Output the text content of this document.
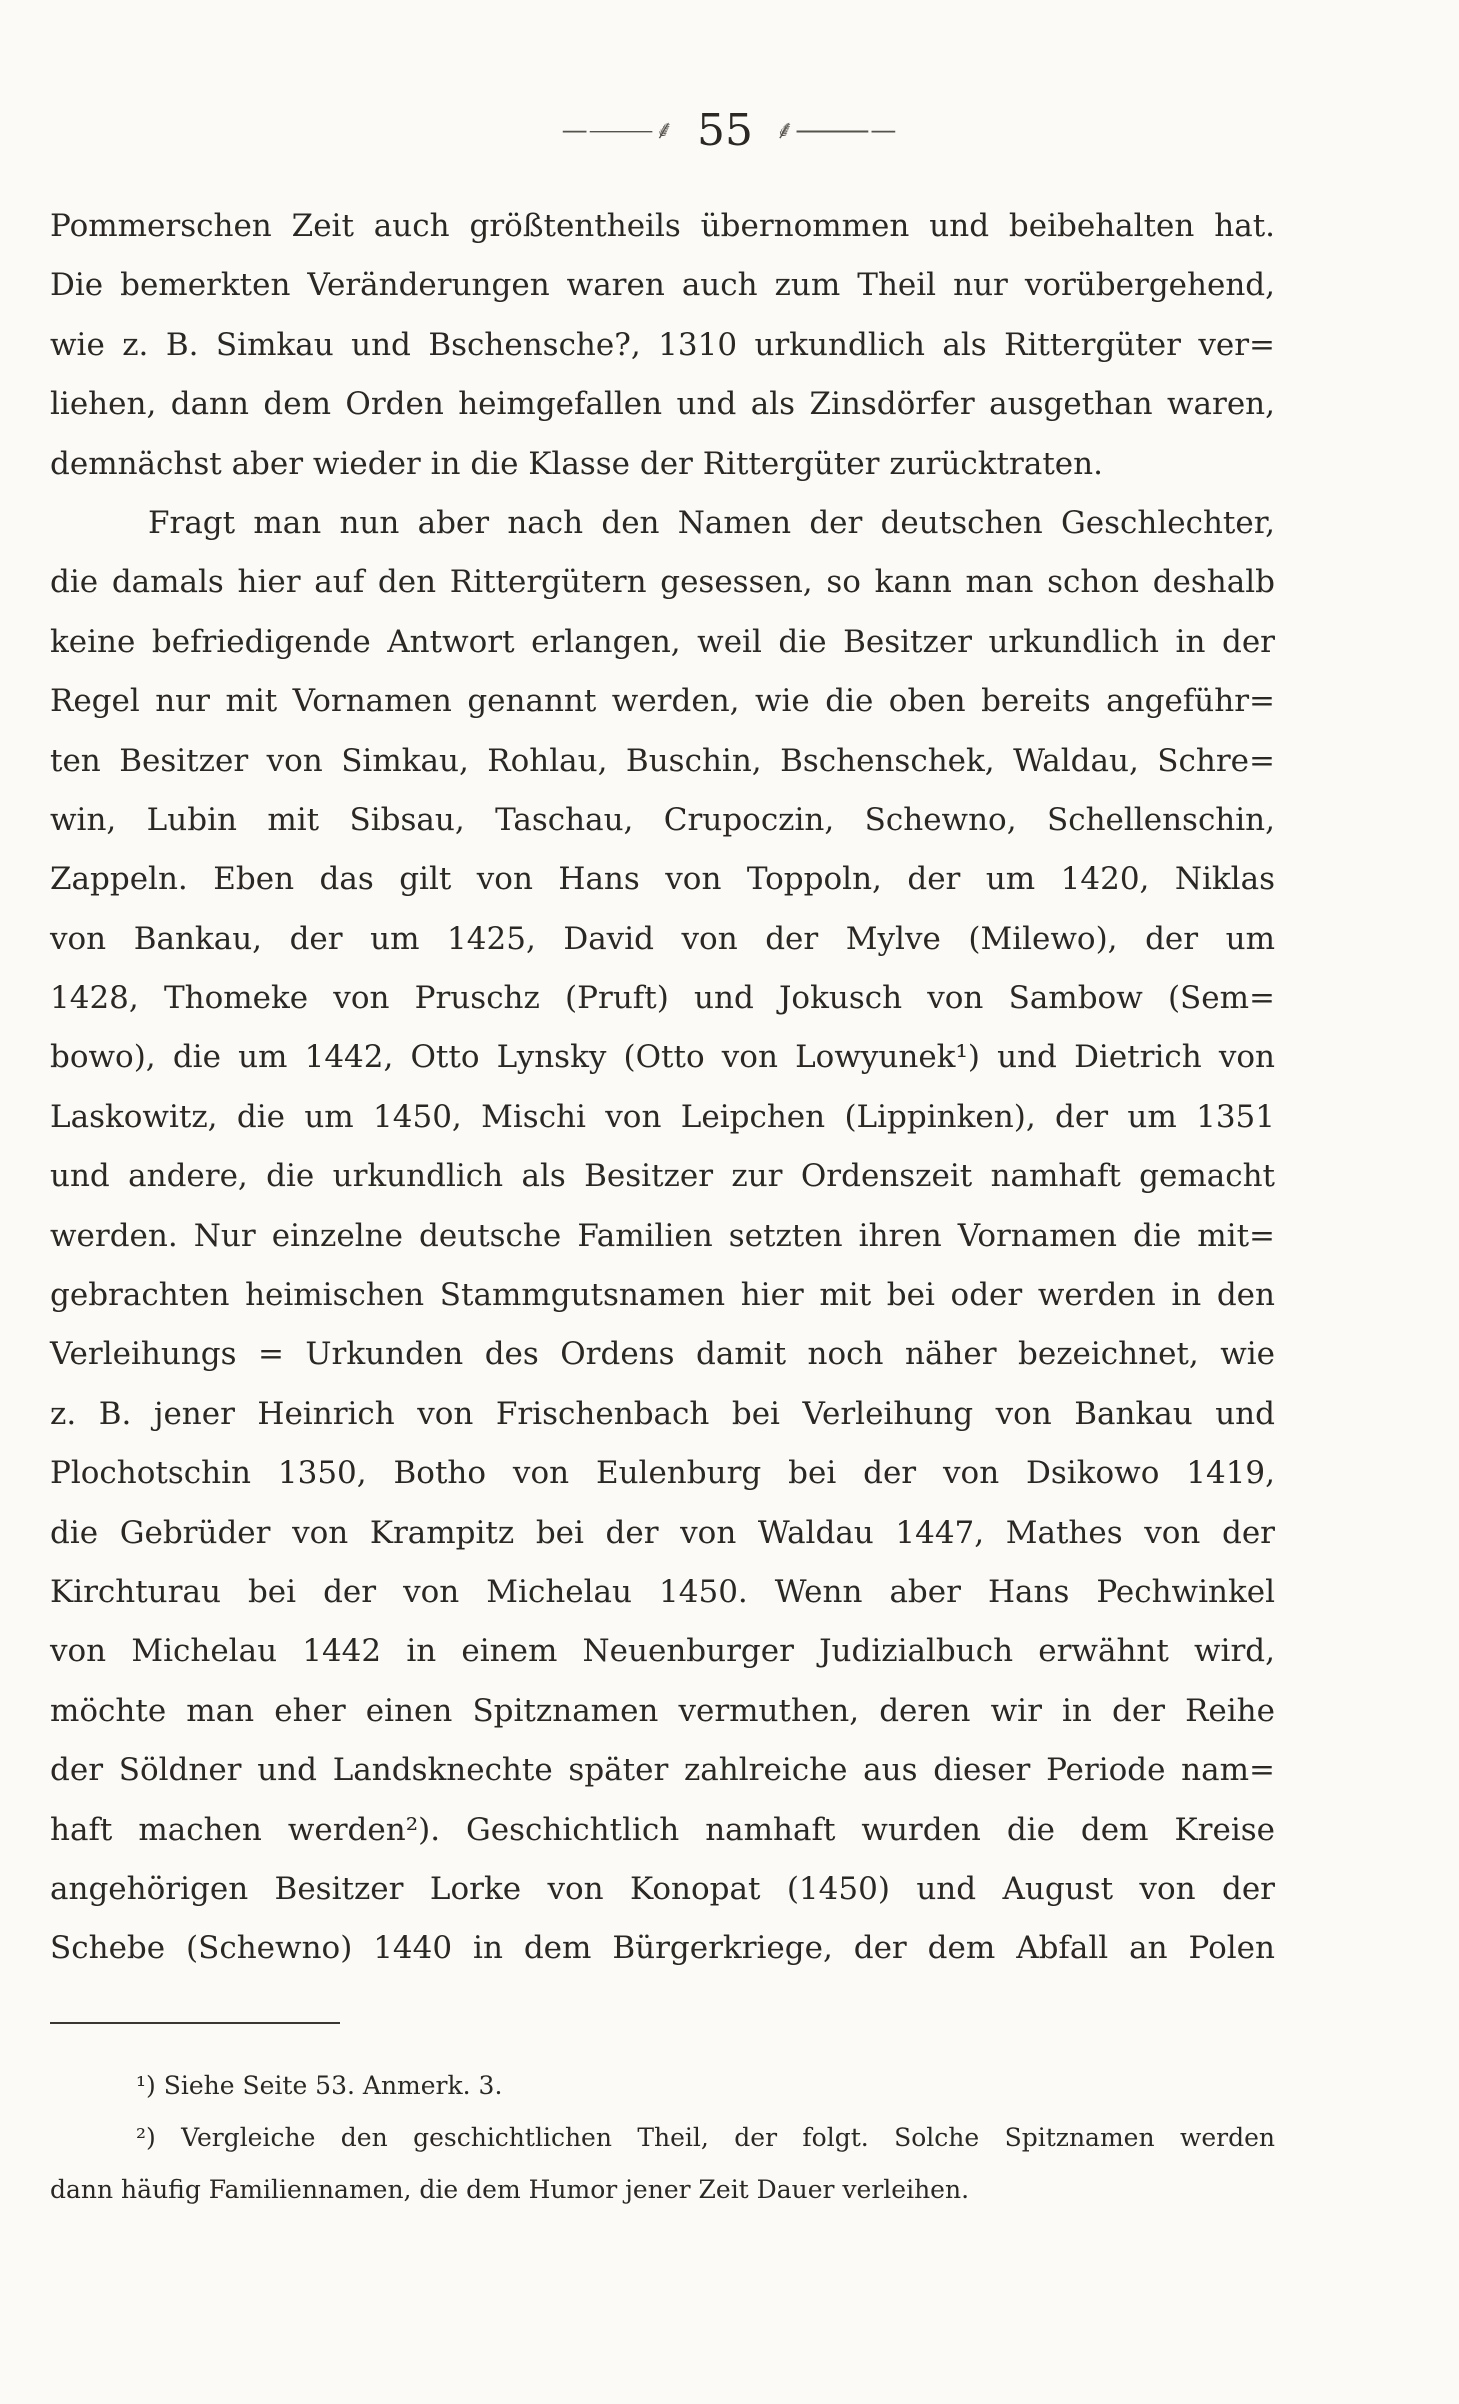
—⸻⸙ 55 ⸙⸻—
Pommerschen Zeit auch größtentheils übernommen und beibehalten hat.
Die bemerkten Veränderungen waren auch zum Theil nur vorübergehend,
wie z. B. Simkau und Bschensche?, 1310 urkundlich als Rittergüter ver=
liehen, dann dem Orden heimgefallen und als Zinsdörfer ausgethan waren,
demnächst aber wieder in die Klasse der Rittergüter zurücktraten.
Fragt man nun aber nach den Namen der deutschen Geschlechter,
die damals hier auf den Rittergütern gesessen, so kann man schon deshalb
keine befriedigende Antwort erlangen, weil die Besitzer urkundlich in der
Regel nur mit Vornamen genannt werden, wie die oben bereits angeführ=
ten Besitzer von Simkau, Rohlau, Buschin, Bschenschek, Waldau, Schre=
win, Lubin mit Sibsau, Taschau, Crupoczin, Schewno, Schellenschin,
Zappeln. Eben das gilt von Hans von Toppoln, der um 1420, Niklas
von Bankau, der um 1425, David von der Mylve (Milewo), der um
1428, Thomeke von Pruschz (Pruft) und Jokusch von Sambow (Sem=
bowo), die um 1442, Otto Lynsky (Otto von Lowyunek¹) und Dietrich von
Laskowitz, die um 1450, Mischi von Leipchen (Lippinken), der um 1351
und andere, die urkundlich als Besitzer zur Ordenszeit namhaft gemacht
werden. Nur einzelne deutsche Familien setzten ihren Vornamen die mit=
gebrachten heimischen Stammgutsnamen hier mit bei oder werden in den
Verleihungs = Urkunden des Ordens damit noch näher bezeichnet, wie
z. B. jener Heinrich von Frischenbach bei Verleihung von Bankau und
Plochotschin 1350, Botho von Eulenburg bei der von Dsikowo 1419,
die Gebrüder von Krampitz bei der von Waldau 1447, Mathes von der
Kirchturau bei der von Michelau 1450. Wenn aber Hans Pechwinkel
von Michelau 1442 in einem Neuenburger Judizialbuch erwähnt wird,
möchte man eher einen Spitznamen vermuthen, deren wir in der Reihe
der Söldner und Landsknechte später zahlreiche aus dieser Periode nam=
haft machen werden²). Geschichtlich namhaft wurden die dem Kreise
angehörigen Besitzer Lorke von Konopat (1450) und August von der
Schebe (Schewno) 1440 in dem Bürgerkriege, der dem Abfall an Polen
¹) Siehe Seite 53. Anmerk. 3.
²) Vergleiche den geschichtlichen Theil, der folgt. Solche Spitznamen werden
dann häufig Familiennamen, die dem Humor jener Zeit Dauer verleihen.
